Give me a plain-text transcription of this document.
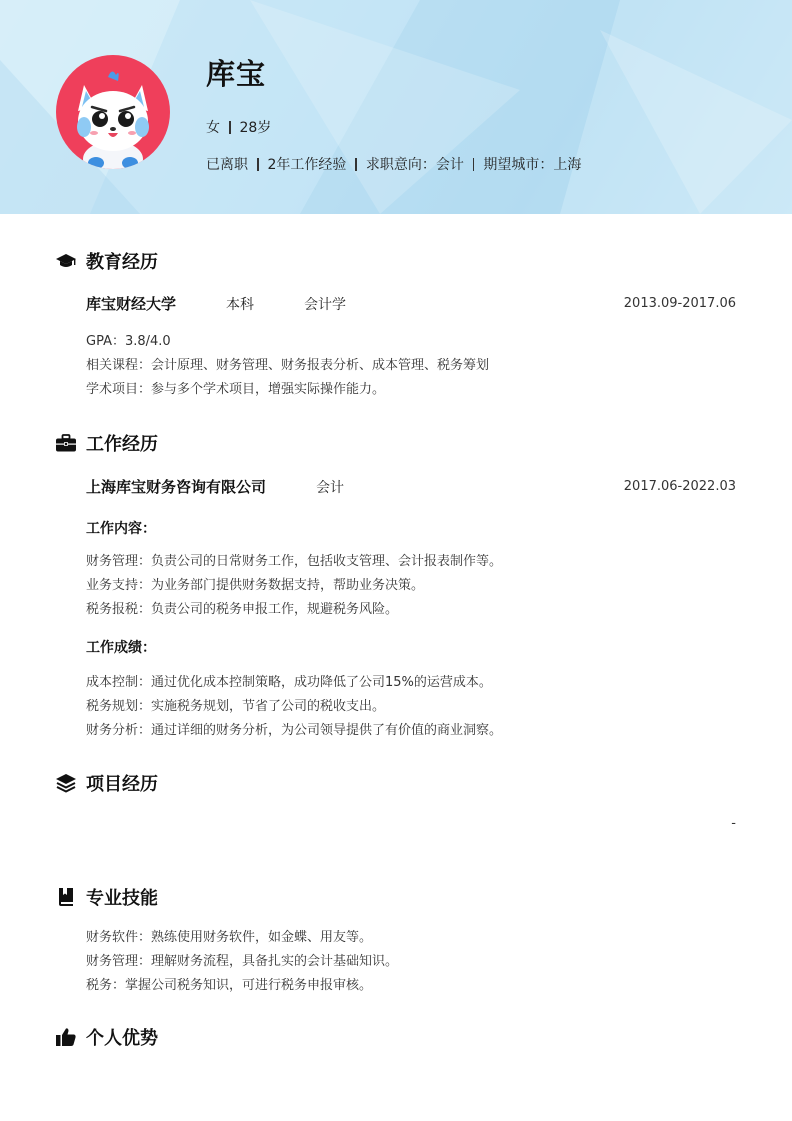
库宝
女 28岁
已离职 2年工作经验 求职意向：会计 期望城市：上海
教育经历
库宝财经大学	本科	会计学	2013.09-2017.06
GPA：3.8/4.0
相关课程：会计原理、财务管理、财务报表分析、成本管理、税务筹划
学术项目：参与多个学术项目，增强实际操作能力。
工作经历
上海库宝财务咨询有限公司	会计	2017.06-2022.03
工作内容：
财务管理：负责公司的日常财务工作，包括收支管理、会计报表制作等。
业务支持：为业务部门提供财务数据支持，帮助业务决策。
税务报税：负责公司的税务申报工作，规避税务风险。
工作成绩：
成本控制：通过优化成本控制策略，成功降低了公司15%的运营成本。
税务规划：实施税务规划，节省了公司的税收支出。
财务分析：通过详细的财务分析，为公司领导提供了有价值的商业洞察。
项目经历
-
专业技能
财务软件：熟练使用财务软件，如金蝶、用友等。
财务管理：理解财务流程，具备扎实的会计基础知识。
税务：掌握公司税务知识，可进行税务申报审核。
个人优势
